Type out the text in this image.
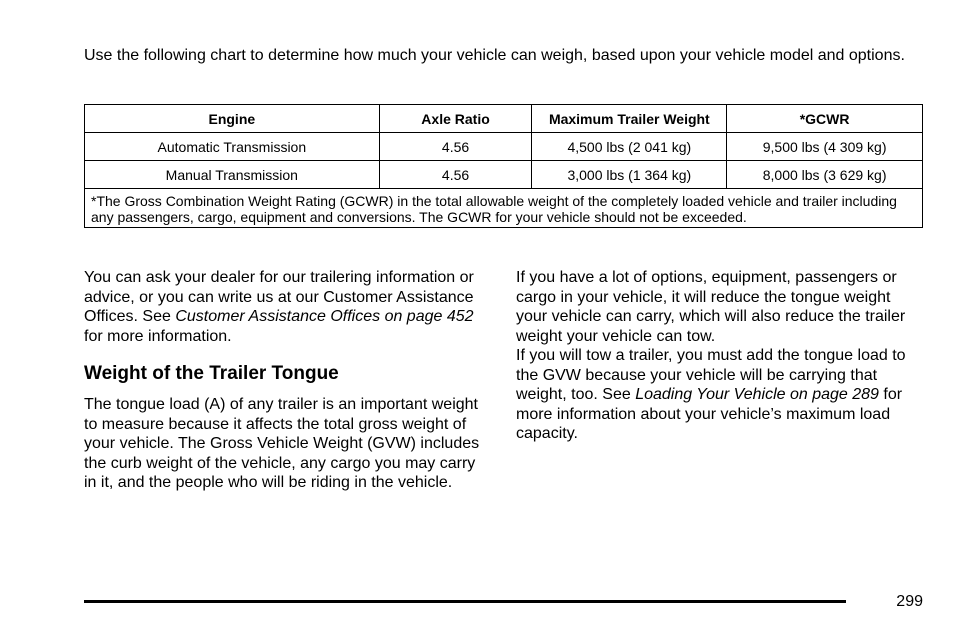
Use the following chart to determine how much your vehicle can weigh, based upon your vehicle model and options.
Engine	Axle Ratio	Maximum Trailer Weight	*GCWR
Automatic Transmission	4.56	4,500 lbs (2 041 kg)	9,500 lbs (4 309 kg)
Manual Transmission	4.56	3,000 lbs (1 364 kg)	8,000 lbs (3 629 kg)
*The Gross Combination Weight Rating (GCWR) in the total allowable weight of the completely loaded vehicle and trailer including any passengers, cargo, equipment and conversions. The GCWR for your vehicle should not be exceeded.			

You can ask your dealer for our trailering information or advice, or you can write us at our Customer Assistance Offices. See Customer Assistance Offices on page 452 for more information.

Weight of the Trailer Tongue

The tongue load (A) of any trailer is an important weight to measure because it affects the total gross weight of your vehicle. The Gross Vehicle Weight (GVW) includes the curb weight of the vehicle, any cargo you may carry in it, and the people who will be riding in the vehicle.

If you have a lot of options, equipment, passengers or cargo in your vehicle, it will reduce the tongue weight your vehicle can carry, which will also reduce the trailer weight your vehicle can tow.

If you will tow a trailer, you must add the tongue load to the GVW because your vehicle will be carrying that weight, too. See Loading Your Vehicle on page 289 for more information about your vehicle’s maximum load capacity.

299
